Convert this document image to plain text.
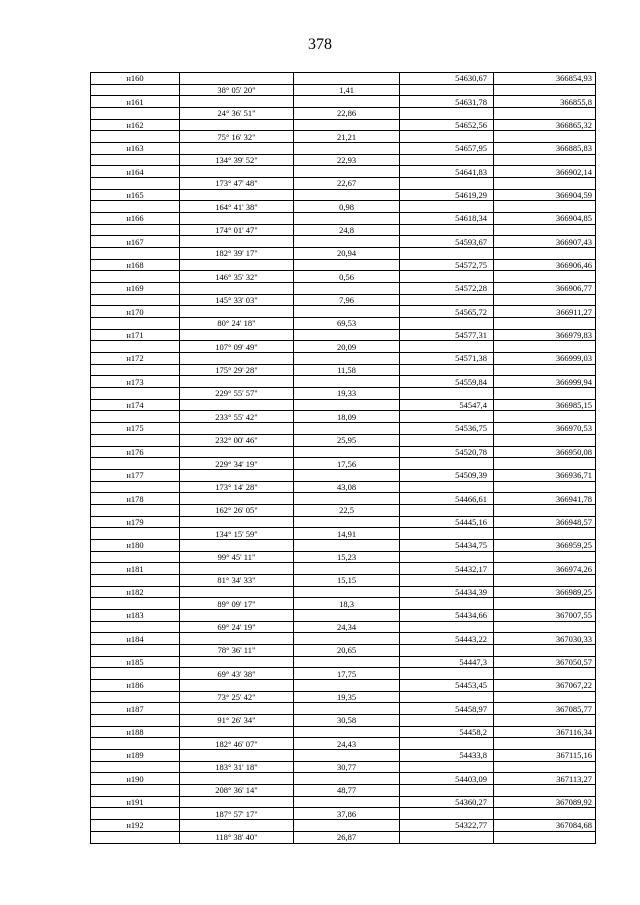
378
н160			54630,67	366854,93
	38° 05' 20"	1,41		
н161			54631,78	366855,8
	24° 36' 51"	22,86		
н162			54652,56	366865,32
	75° 16' 32"	21,21		
н163			54657,95	366885,83
	134° 39' 52"	22,93		
н164			54641,83	366902,14
	173° 47' 48"	22,67		
н165			54619,29	366904,59
	164° 41' 38"	0,98		
н166			54618,34	366904,85
	174° 01' 47"	24,8		
н167			54593,67	366907,43
	182° 39' 17"	20,94		
н168			54572,75	366906,46
	146° 35' 32"	0,56		
н169			54572,28	366906,77
	145° 33' 03"	7,96		
н170			54565,72	366911,27
	80° 24' 18"	69,53		
н171			54577,31	366979,83
	107° 09' 49"	20,09		
н172			54571,38	366999,03
	175° 29' 28"	11,58		
н173			54559,84	366999,94
	229° 55' 57"	19,33		
н174			54547,4	366985,15
	233° 55' 42"	18,09		
н175			54536,75	366970,53
	232° 00' 46"	25,95		
н176			54520,78	366950,08
	229° 34' 19"	17,56		
н177			54509,39	366936,71
	173° 14' 28"	43,08		
н178			54466,61	366941,78
	162° 26' 05"	22,5		
н179			54445,16	366948,57
	134° 15' 59"	14,91		
н180			54434,75	366959,25
	99° 45' 11"	15,23		
н181			54432,17	366974,26
	81° 34' 33"	15,15		
н182			54434,39	366989,25
	89° 09' 17"	18,3		
н183			54434,66	367007,55
	69° 24' 19"	24,34		
н184			54443,22	367030,33
	78° 36' 11"	20,65		
н185			54447,3	367050,57
	69° 43' 38"	17,75		
н186			54453,45	367067,22
	73° 25' 42"	19,35		
н187			54458,97	367085,77
	91° 26' 34"	30,58		
н188			54458,2	367116,34
	182° 46' 07"	24,43		
н189			54433,8	367115,16
	183° 31' 18"	30,77		
н190			54403,09	367113,27
	208° 36' 14"	48,77		
н191			54360,27	367089,92
	187° 57' 17"	37,86		
н192			54322,77	367084,68
	118° 38' 40"	26,87		
